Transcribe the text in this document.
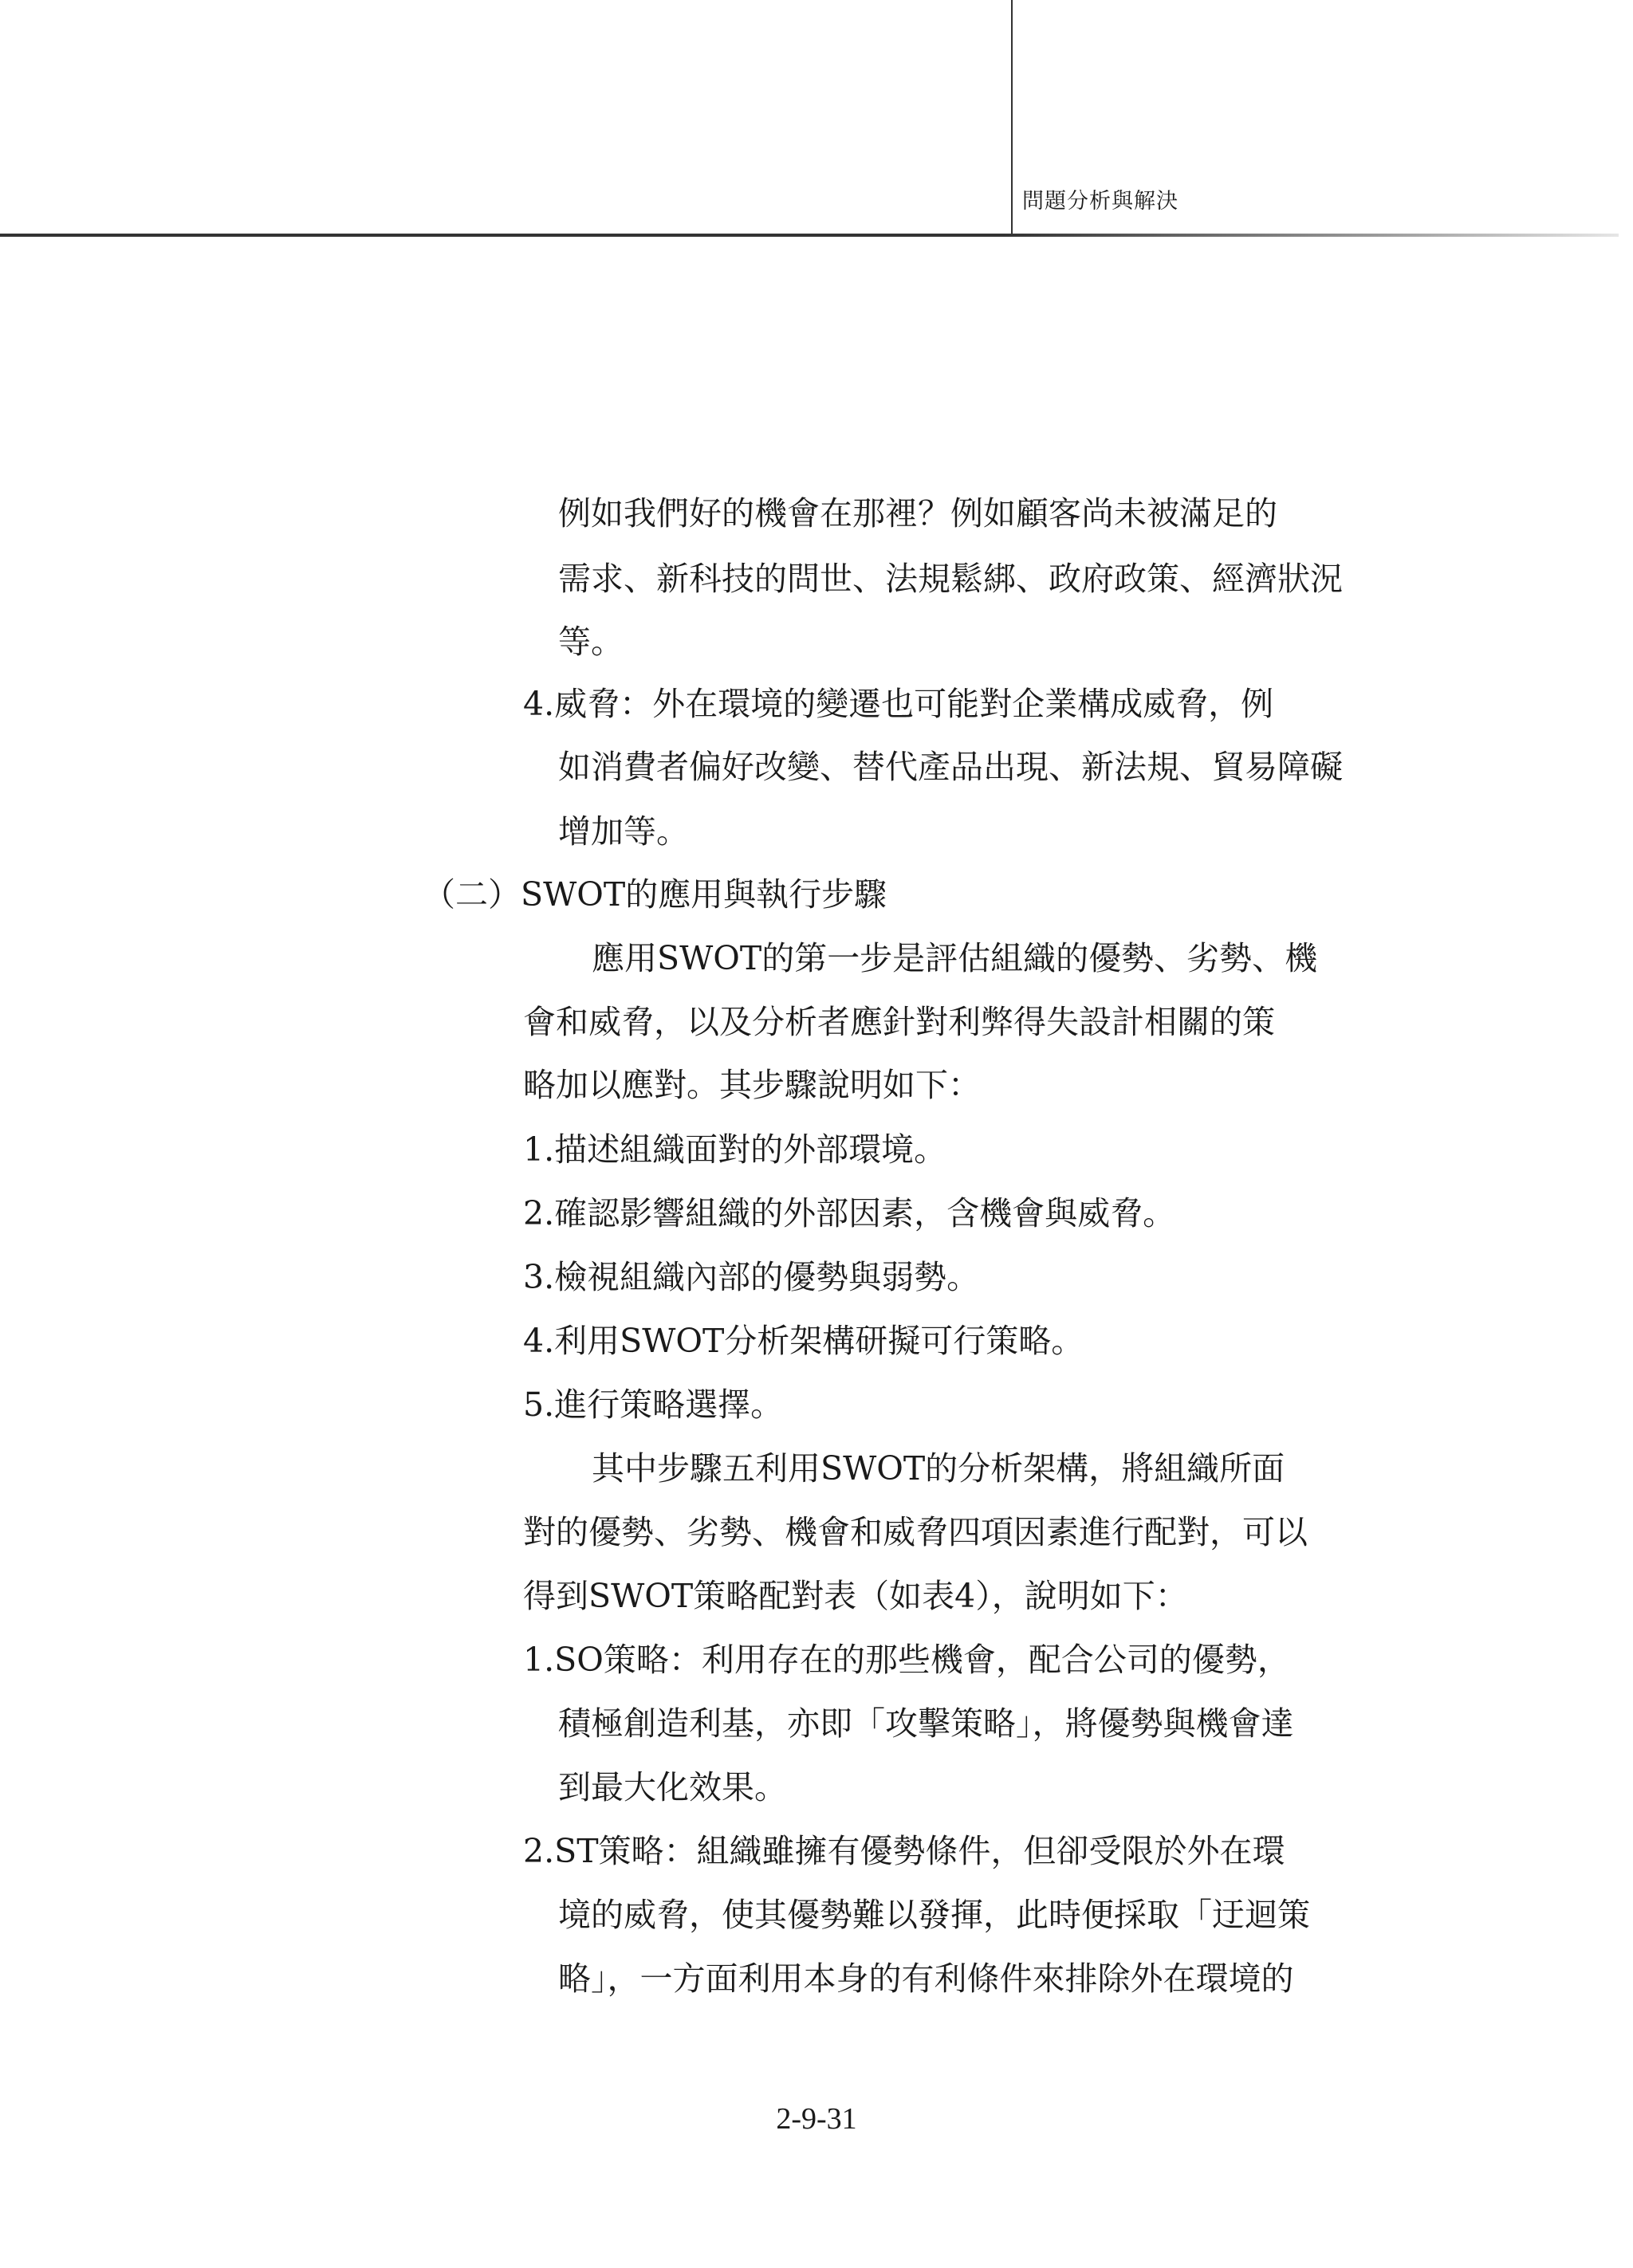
問題分析與解決
例如我們好的機會在那裡？例如顧客尚未被滿足的
需求、新科技的問世、法規鬆綁、政府政策、經濟狀況
等。
4.威脅：外在環境的變遷也可能對企業構成威脅，例
如消費者偏好改變、替代產品出現、新法規、貿易障礙
增加等。
（二）SWOT的應用與執行步驟
應用SWOT的第一步是評估組織的優勢、劣勢、機
會和威脅，以及分析者應針對利弊得失設計相關的策
略加以應對。其步驟說明如下：
1.描述組織面對的外部環境。
2.確認影響組織的外部因素，含機會與威脅。
3.檢視組織內部的優勢與弱勢。
4.利用SWOT分析架構研擬可行策略。
5.進行策略選擇。
其中步驟五利用SWOT的分析架構，將組織所面
對的優勢、劣勢、機會和威脅四項因素進行配對，可以
得到SWOT策略配對表（如表4），說明如下：
1.SO策略：利用存在的那些機會，配合公司的優勢，
積極創造利基，亦即「攻擊策略」，將優勢與機會達
到最大化效果。
2.ST策略：組織雖擁有優勢條件，但卻受限於外在環
境的威脅，使其優勢難以發揮，此時便採取「迂迴策
略」，一方面利用本身的有利條件來排除外在環境的
2-9-31
